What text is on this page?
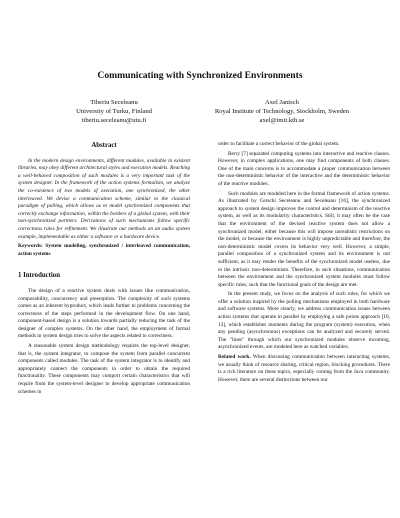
Communicating with Synchronized Environments
Tiberiu Seceleanu
University of Turku, Finland
tiberiu.seceleanu@utu.fi
Axel Jantsch
Royal Institute of Technology, Stockholm, Sweden
axel@imit.kth.se
Abstract

In the modern design environments, different modules, available in existent libraries, may obey different architectural styles and execution models. Reaching a well-behaved composition of such modules is a very important task of the system designer. In the framework of the action systems formalism, we analyze the co-existence of two models of execution, one synchronized, the other interleaved. We devise a communication scheme, similar to the classical paradigm of polling, which allows us to model synchronized components that correctly exchange information, within the borders of a global system, with their non-synchronized partners. Derivations of such mechanisms follow specific correctness rules for refinement. We illustrate our methods on an audio system example, implementable as either a software or a hardware device.

Keywords: System modeling, synchronized / interleaved communication, action systems

1 Introduction

The design of a reactive system deals with issues like communication, composability, concurrency and preemption. The complexity of such systems comes as an inherent byproduct, which leads further to problems concerning the correctness of the steps performed in the development flow. On one hand, component-based design is a solution towards partially reducing the task of the designer of complex systems. On the other hand, the employment of formal methods in system design tries to solve the aspects related to correctness.

A reasonable system design methodology requires the top-level designer, that is, the system integrator, to compose the system from parallel concurrent components called modules. The task of the system integrator is to identify and appropriately connect the components in order to obtain the required functionality. These components may comport certain characteristics that will require from the system-level designer to develop appropriate communication schemes in

order to facilitate a correct behavior of the global system.

Berry [7] separated computing systems into interactive and reactive classes. However, in complex applications, one may find components of both classes. One of the main concerns is to accommodate a proper communication between the non-deterministic behavior of the interactive and the deterministic behavior of the reactive modules.

Such modules are modeled here in the formal framework of action systems. As illustrated by Cerschi Seceleanu and Seceleanu [16], the synchronized approach to system design improves the control and determinism of the reactive system, as well as its modularity characteristics. Still, it may often be the case that the environment of the devised reactive system does not allow a synchronized model, either because this will impose unrealistic restrictions on the model, or because the environment is highly unpredictable and therefore, the non-deterministic model covers its behavior very well. However, a simple, parallel composition of a synchronized system and its environment is not sufficient, as it may render the benefits of the synchronized model useless, due to the intrinsic non-determinism. Therefore, in such situations, communication between the environment and the synchronized system modules must follow specific rules, such that the functional goals of the design are met.

In the present study, we focus on the analysis of such rules, for which we offer a solution inspired by the polling mechanisms employed in both hardware and software systems. More clearly, we address communication issues between action systems that operate in parallel by employing a safe points approach [10, 13], which establishes moments during the program (system) execution, when any pending (asynchronous) exceptions can be analyzed and securely served. The "lines" through which our synchronized modules observe incoming, asynchronized events, are modeled here as watched variables.

Related work. When discussing communication between interacting systems, we usually think of resource sharing, critical region, blocking procedures. There is a rich literature on these topics, especially coming from the Java community. However, there are several distinctions between our
